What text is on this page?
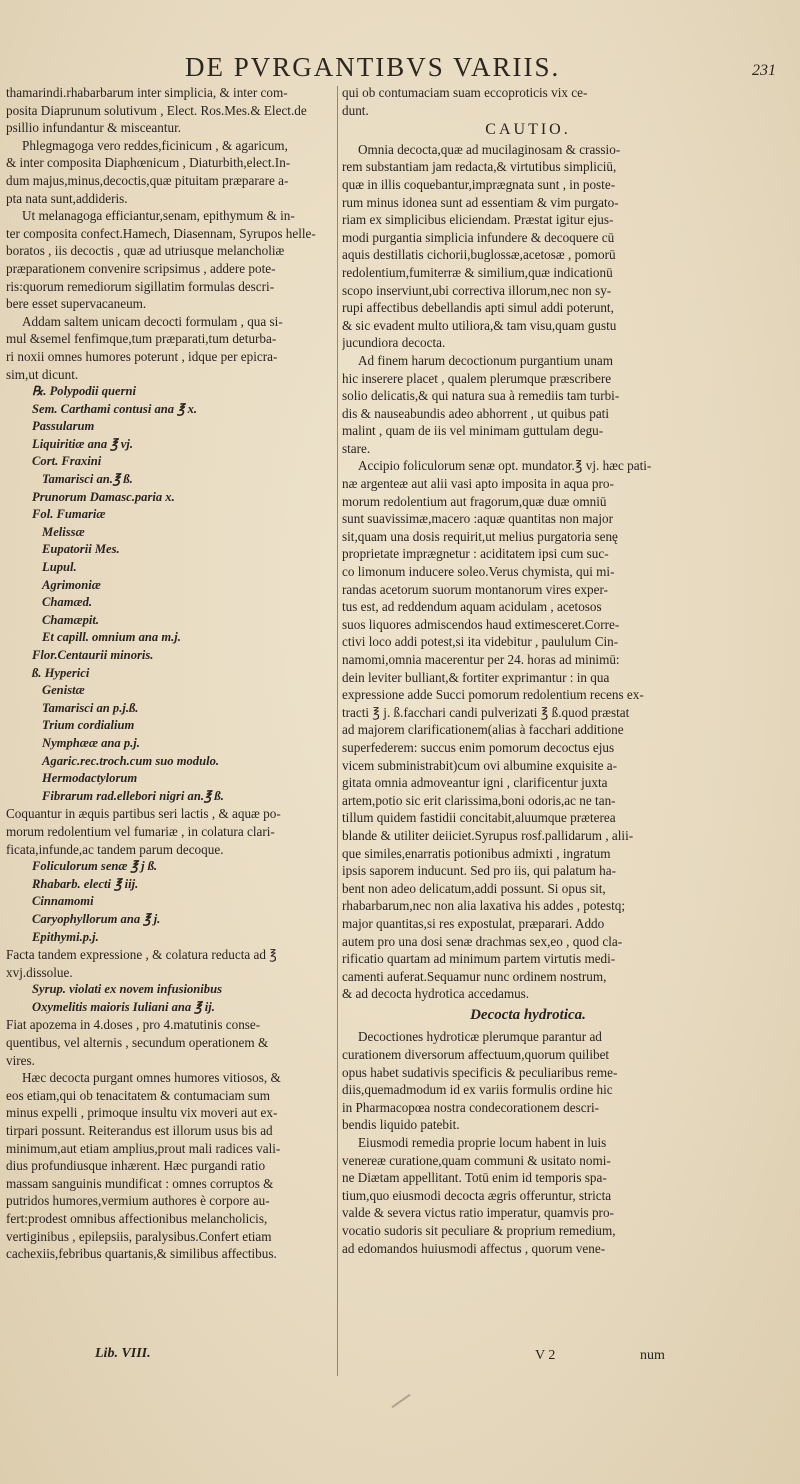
DE PVRGANTIBVS VARIIS.	231
thamarindi.rhabarbarum inter simplicia, & inter com-
posita Diaprunum solutivum , Elect. Ros.Mes.& Elect.de
psillio infundantur & misceantur.
Phlegmagoga vero reddes,ficinicum , & agaricum,
& inter composita Diaphœnicum , Diaturbith,elect.In-
dum majus,minus,decoctis,quæ pituitam præparare a-
pta nata sunt,addideris.
Ut melanagoga efficiantur,senam, epithymum & in-
ter composita confect.Hamech, Diasennam, Syrupos helle-
boratos , iis decoctis , quæ ad utriusque melancholiæ
præparationem convenire scripsimus , addere pote-
ris:quorum remediorum sigillatim formulas descri-
bere esset supervacaneum.
Addam saltem unicam decocti formulam , qua si-
mul &semel fenfimque,tum præparati,tum deturba-
ri noxii omnes humores poterunt , idque per epicra-
sim,ut dicunt.
℞. Polypodii querni
Sem. Carthami contusi ana ℥ x.
Passularum
Liquiritiæ ana ℥ vj.
Cort. Fraxini
Tamarisci an.℥ ß.
Prunorum Damasc.paria x.
Fol. Fumariæ
Melissæ
Eupatorii Mes.
Lupul.
Agrimoniæ
Chamæd.
Chamæpit.
Et capill. omnium ana m.j.
Flor.Centaurii minoris.
ß. Hyperici
Genistæ
Tamarisci an p.j.ß.
Trium cordialium
Nymphææ ana p.j.
Agaric.rec.troch.cum suo modulo.
Hermodactylorum
Fibrarum rad.ellebori nigri an.℥ ß.
Coquantur in æquis partibus seri lactis , & aquæ po-
morum redolentium vel fumariæ , in colatura clari-
ficata,infunde,ac tandem parum decoque.
Foliculorum senæ ℥ j ß.
Rhabarb. electi ℥ iij.
Cinnamomi
Caryophyllorum ana ℥ j.
Epithymi.p.j.
Facta tandem expressione , & colatura reducta ad ℥
xvj.dissolue.
Syrup. violati ex novem infusionibus
Oxymelitis maioris Iuliani ana ℥ ij.
Fiat apozema in 4.doses , pro 4.matutinis conse-
quentibus, vel alternis , secundum operationem &
vires.
Hæc decocta purgant omnes humores vitiosos, &
eos etiam,qui ob tenacitatem & contumaciam sum
minus expelli , primoque insultu vix moveri aut ex-
tirpari possunt. Reiterandus est illorum usus bis ad
minimum,aut etiam amplius,prout mali radices vali-
dius profundiusque inhærent. Hæc purgandi ratio
massam sanguinis mundificat : omnes corruptos &
putridos humores,vermium authores è corpore au-
fert:prodest omnibus affectionibus melancholicis,
vertiginibus , epilepsiis, paralysibus.Confert etiam
cachexiis,febribus quartanis,& similibus affectibus.
qui ob contumaciam suam eccoproticis vix ce-
dunt.
CAUTIO.
Omnia decocta,quæ ad mucilaginosam & crassio-
rem substantiam jam redacta,& virtutibus simpliciū,
quæ in illis coquebantur,imprægnata sunt , in poste-
rum minus idonea sunt ad essentiam & vim purgato-
riam ex simplicibus eliciendam. Præstat igitur ejus-
modi purgantia simplicia infundere & decoquere cū
aquis destillatis cichorii,buglossæ,acetosæ , pomorū
redolentium,fumiterræ & similium,quæ indicationū
scopo inserviunt,ubi correctiva illorum,nec non sy-
rupi affectibus debellandis apti simul addi poterunt,
& sic evadent multo utiliora,& tam visu,quam gustu
jucundiora decocta.
Ad finem harum decoctionum purgantium unam
hic inserere placet , qualem plerumque præscribere
solio delicatis,& qui natura sua à remediis tam turbi-
dis & nauseabundis adeo abhorrent , ut quibus pati
malint , quam de iis vel minimam guttulam degu-
stare.
Accipio foliculorum senæ opt. mundator.℥ vj. hæc pati-
næ argenteæ aut alii vasi apto imposita in aqua pro-
morum redolentium aut fragorum,quæ duæ omniū
sunt suavissimæ,macero :aquæ quantitas non major
sit,quam una dosis requirit,ut melius purgatoria senę
proprietate imprægnetur : aciditatem ipsi cum suc-
co limonum inducere soleo.Verus chymista, qui mi-
randas acetorum suorum montanorum vires exper-
tus est, ad reddendum aquam acidulam , acetosos
suos liquores admiscendos haud extimesceret.Corre-
ctivi loco addi potest,si ita videbitur , paululum Cin-
namomi,omnia macerentur per 24. horas ad minimū:
dein leviter bulliant,& fortiter exprimantur : in qua
expressione adde Succi pomorum redolentium recens ex-
tracti ℥ j. ß.facchari candi pulverizati ℥ ß.quod præstat
ad majorem clarificationem(alias à facchari additione
superfederem: succus enim pomorum decoctus ejus
vicem subministrabit)cum ovi albumine exquisite a-
gitata omnia admoveantur igni , clarificentur juxta
artem,potio sic erit clarissima,boni odoris,ac ne tan-
tillum quidem fastidii concitabit,aluumque præterea
blande & utiliter deiiciet.Syrupus rosf.pallidarum , alii-
que similes,enarratis potionibus admixti , ingratum
ipsis saporem inducunt. Sed pro iis, qui palatum ha-
bent non adeo delicatum,addi possunt. Si opus sit,
rhabarbarum,nec non alia laxativa his addes , potestq;
major quantitas,si res expostulat, præparari. Addo
autem pro una dosi senæ drachmas sex,eo , quod cla-
rificatio quartam ad minimum partem virtutis medi-
camenti auferat.Sequamur nunc ordinem nostrum,
& ad decocta hydrotica accedamus.
Decocta hydrotica.
Decoctiones hydroticæ plerumque parantur ad
curationem diversorum affectuum,quorum quilibet
opus habet sudativis specificis & peculiaribus reme-
diis,quemadmodum id ex variis formulis ordine hic
in Pharmacopœa nostra condecorationem descri-
bendis liquido patebit.
Eiusmodi remedia proprie locum habent in luis
venereæ curatione,quam communi & usitato nomi-
ne Diætam appellitant. Totū enim id temporis spa-
tium,quo eiusmodi decocta ægris offeruntur, stricta
valde & severa victus ratio imperatur, quamvis pro-
vocatio sudoris sit peculiare & proprium remedium,
ad edomandos huiusmodi affectus , quorum vene-
Lib. VIII.	V 2	num
